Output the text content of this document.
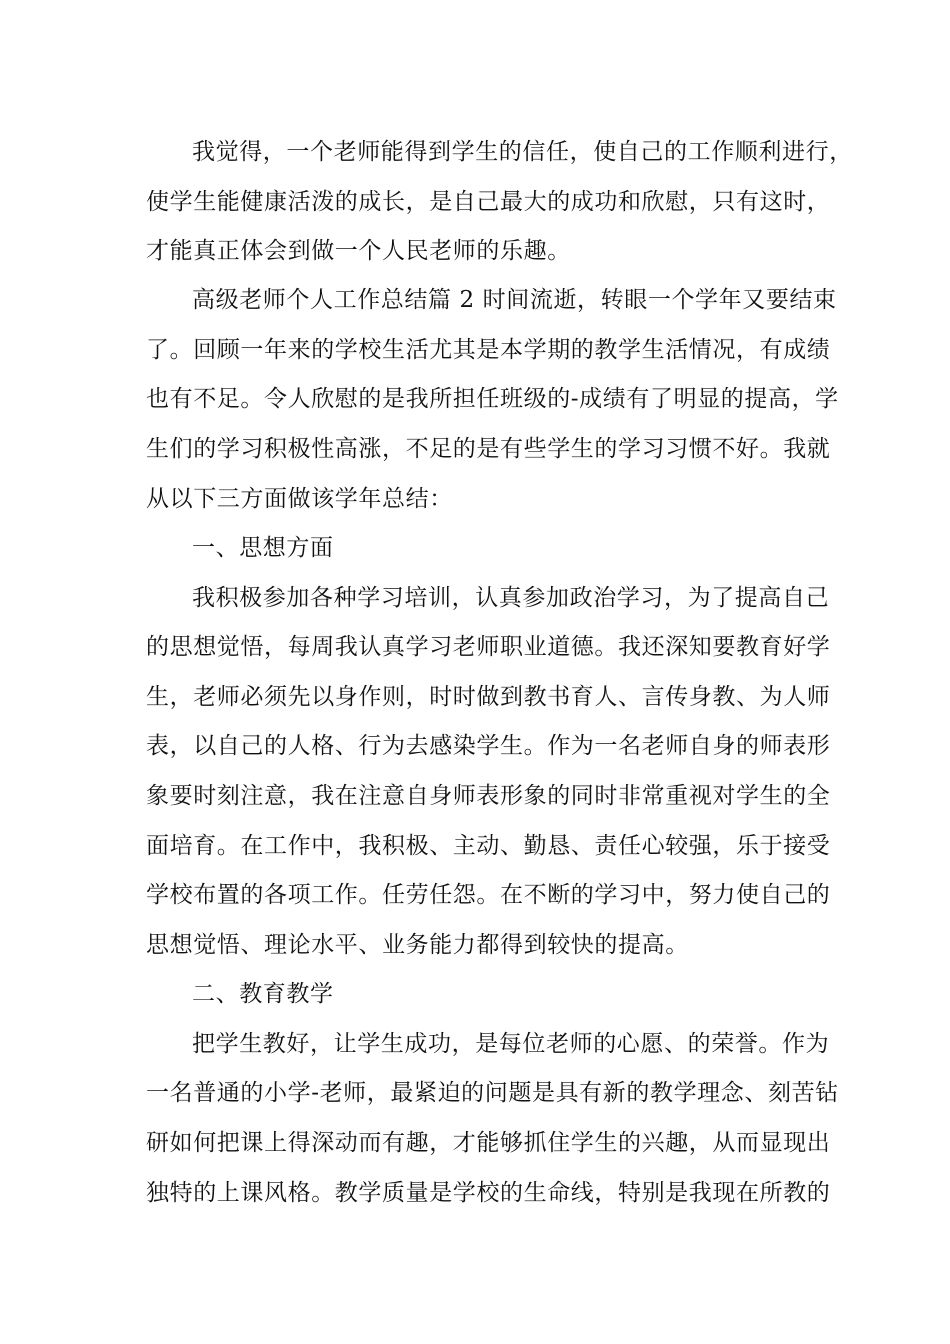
我觉得，一个老师能得到学生的信任，使自己的工作顺利进行，
使学生能健康活泼的成长，是自己最大的成功和欣慰，只有这时，
才能真正体会到做一个人民老师的乐趣。
高级老师个人工作总结篇 2 时间流逝，转眼一个学年又要结束
了。回顾一年来的学校生活尤其是本学期的教学生活情况，有成绩
也有不足。令人欣慰的是我所担任班级的-成绩有了明显的提高，学
生们的学习积极性高涨，不足的是有些学生的学习习惯不好。我就
从以下三方面做该学年总结：
一、思想方面
我积极参加各种学习培训，认真参加政治学习，为了提高自己
的思想觉悟，每周我认真学习老师职业道德。我还深知要教育好学
生，老师必须先以身作则，时时做到教书育人、言传身教、为人师
表，以自己的人格、行为去感染学生。作为一名老师自身的师表形
象要时刻注意，我在注意自身师表形象的同时非常重视对学生的全
面培育。在工作中，我积极、主动、勤恳、责任心较强，乐于接受
学校布置的各项工作。任劳任怨。在不断的学习中，努力使自己的
思想觉悟、理论水平、业务能力都得到较快的提高。
二、教育教学
把学生教好，让学生成功，是每位老师的心愿、的荣誉。作为
一名普通的小学-老师，最紧迫的问题是具有新的教学理念、刻苦钻
研如何把课上得深动而有趣，才能够抓住学生的兴趣，从而显现出
独特的上课风格。教学质量是学校的生命线，特别是我现在所教的
